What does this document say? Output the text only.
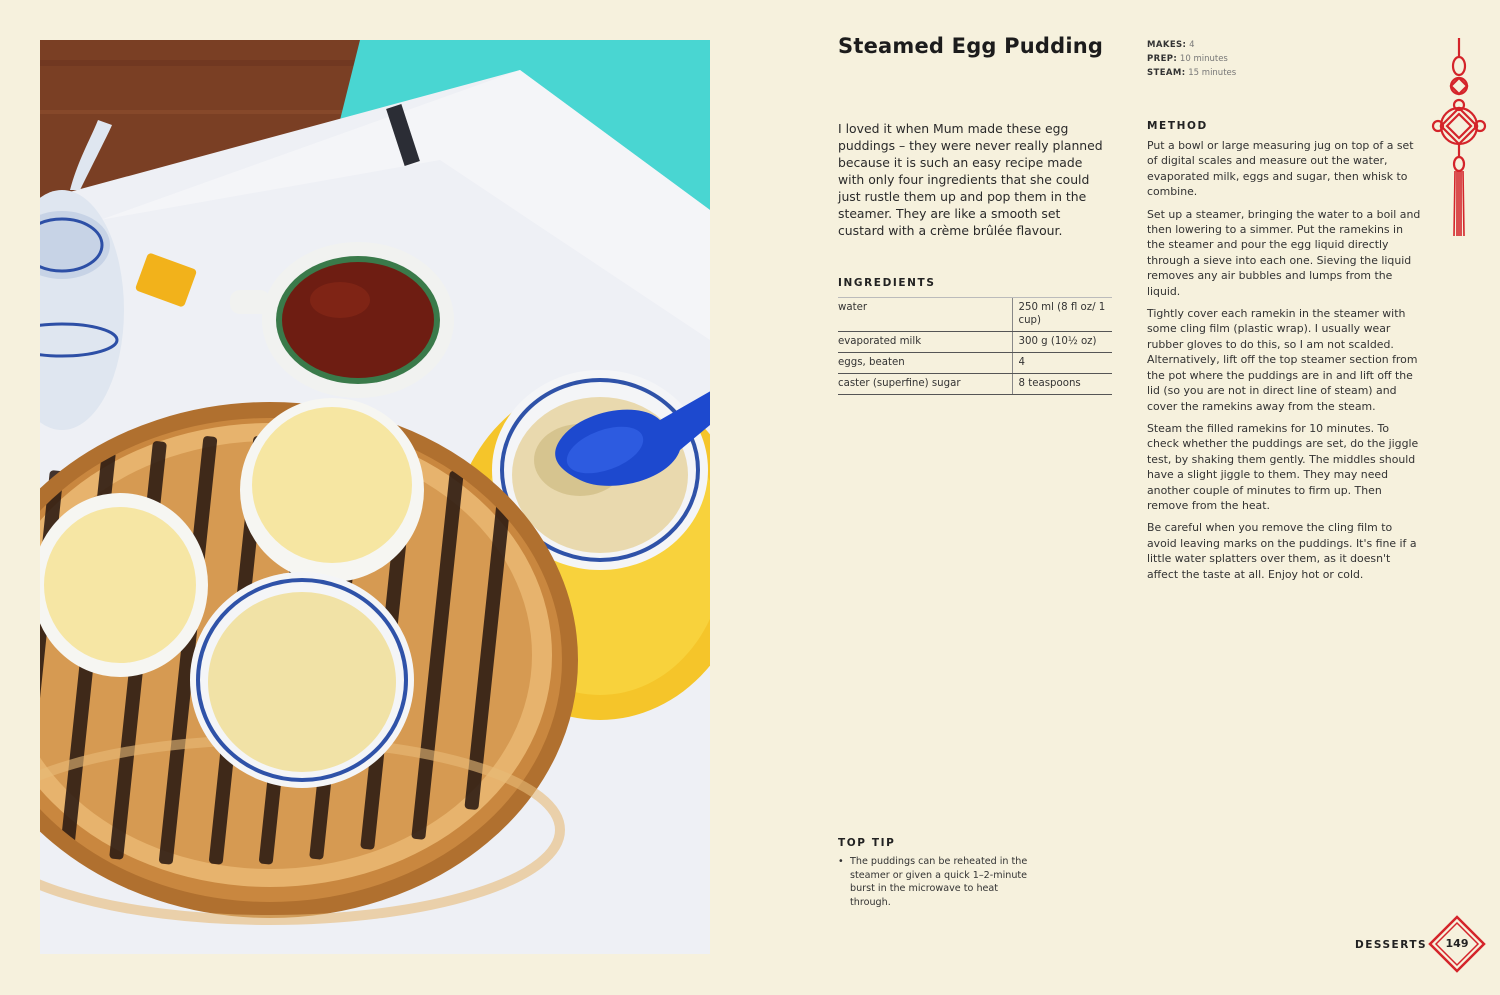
Steamed Egg Pudding	MAKES: 4
PREP: 10 minutes
STEAM: 15 minutes
I loved it when Mum made these egg puddings – they were never really planned because it is such an easy recipe made with only four ingredients that she could just rustle them up and pop them in the steamer. They are like a smooth set custard with a crème brûlée flavour.
INGREDIENTS
water	250 ml (8 fl oz/ 1 cup)
evaporated milk	300 g (10½ oz)
eggs, beaten	4
caster (superfine) sugar	8 teaspoons
METHOD

Put a bowl or large measuring jug on top of a set of digital scales and measure out the water, evaporated milk, eggs and sugar, then whisk to combine.

Set up a steamer, bringing the water to a boil and then lowering to a simmer. Put the ramekins in the steamer and pour the egg liquid directly through a sieve into each one. Sieving the liquid removes any air bubbles and lumps from the liquid.

Tightly cover each ramekin in the steamer with some cling film (plastic wrap). I usually wear rubber gloves to do this, so I am not scalded. Alternatively, lift off the top steamer section from the pot where the puddings are in and lift off the lid (so you are not in direct line of steam) and cover the ramekins away from the steam.

Steam the filled ramekins for 10 minutes. To check whether the puddings are set, do the jiggle test, by shaking them gently. The middles should have a slight jiggle to them. They may need another couple of minutes to firm up. Then remove from the heat.

Be careful when you remove the cling film to avoid leaving marks on the puddings. It's fine if a little water splatters over them, as it doesn't affect the taste at all. Enjoy hot or cold.

TOP TIP
• The puddings can be reheated in the steamer or given a quick 1–2-minute burst in the microwave to heat through.
DESSERTS	149
